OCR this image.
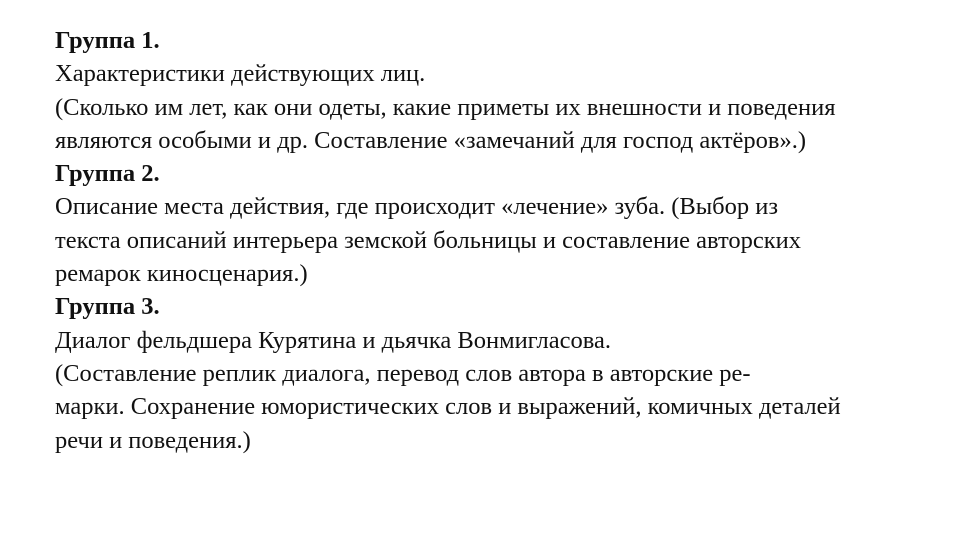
Группа 1.
Характеристики действующих лиц.
(Сколько им лет, как они одеты, какие приметы их внешности и поведения
являются особыми и др. Составление «замечаний для господ актёров».)
Группа 2.
Описание места действия, где происходит «лечение» зуба. (Выбор из
текста описаний интерьера земской больницы и составление авторских
ремарок киносценария.)
Группа 3.
Диалог фельдшера Курятина и дьячка Вонмигласова.
(Составление реплик диалога, перевод слов автора в авторские ре-
марки. Сохранение юмористических слов и выражений, комичных деталей
речи и поведения.)
